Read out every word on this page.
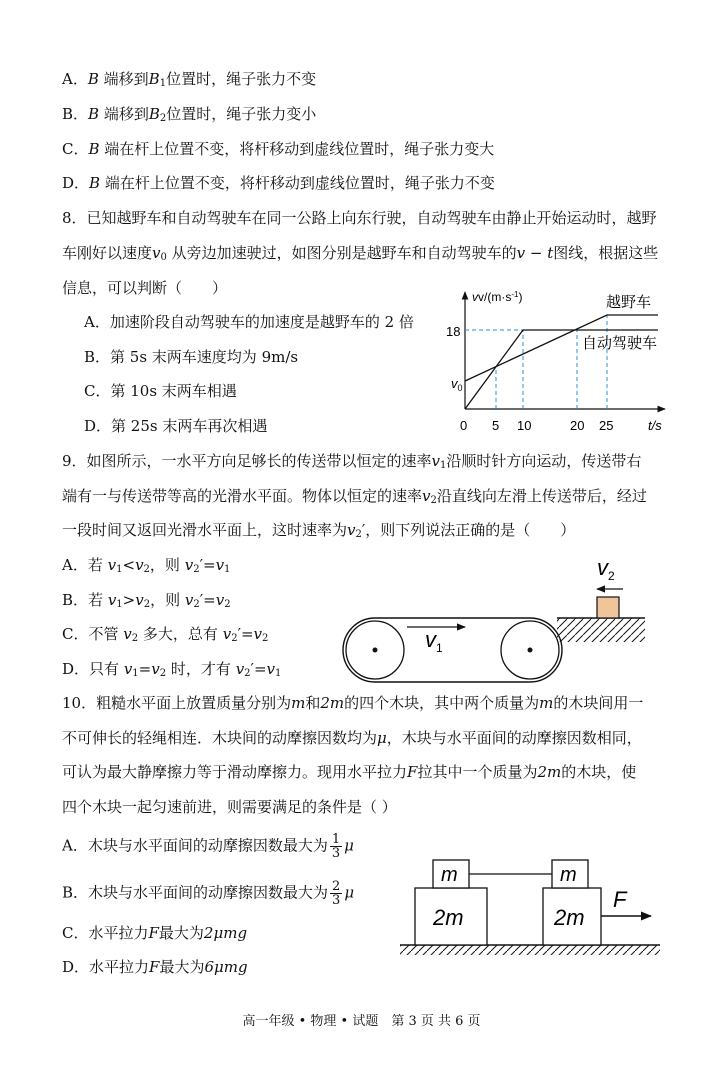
A．B 端移到$B_1$位置时，绳子张力不变
B．B 端移到$B_2$位置时，绳子张力变小
C．B 端在杆上位置不变，将杆移动到虚线位置时，绳子张力变大
D．B 端在杆上位置不变，将杆移动到虚线位置时，绳子张力不变
8．已知越野车和自动驾驶车在同一公路上向东行驶，自动驾驶车由静止开始运动时，越野
车刚好以速度$v_0$ 从旁边加速驶过，如图分别是越野车和自动驾驶车的v − t图线，根据这些
信息，可以判断（　　）
A．加速阶段自动驾驶车的加速度是越野车的 2 倍
B．第 5s 末两车速度均为 9m/s
C．第 10s 末两车相遇
D．第 25s 末两车再次相遇
$vv/(m\cdot s^{-1})$
t/s
0
18
$v_0$
5 10	20 25
越野车
自动驾驶车
9．如图所示，一水平方向足够长的传送带以恒定的速率$v_1$沿顺时针方向运动，传送带右
端有一与传送带等高的光滑水平面。物体以恒定的速率$v_2$沿直线向左滑上传送带后，经过
一段时间又返回光滑水平面上，这时速率为$v_2'$，则下列说法正确的是（　　）
A．若 $v_1<v_2$，则 $v_2'=v_1$
B．若 $v_1>v_2$，则 $v_2'=v_2$
C．不管 $v_2$ 多大，总有 $v_2'=v_2$
D．只有 $v_1=v_2$ 时，才有 $v_2'=v_1$
$v_1$
$v_2$
10．粗糙水平面上放置质量分别为m和2m的四个木块，其中两个质量为m的木块间用一
不可伸长的轻绳相连．木块间的动摩擦因数均为μ，木块与水平面间的动摩擦因数相同，
可认为最大静摩擦力等于滑动摩擦力。现用水平拉力F拉其中一个质量为2m的木块，使
四个木块一起匀速前进，则需要满足的条件是（ ）
A．木块与水平面间的动摩擦因数最大为 $\frac{1}{3}$ μ
B．木块与水平面间的动摩擦因数最大为 $\frac{2}{3}$ μ
C．水平拉力F最大为2μmg
D．水平拉力F最大为6μmg
m
2m
m
2m
F
高一年级 • 物理 • 试题　第 3 页 共 6 页
